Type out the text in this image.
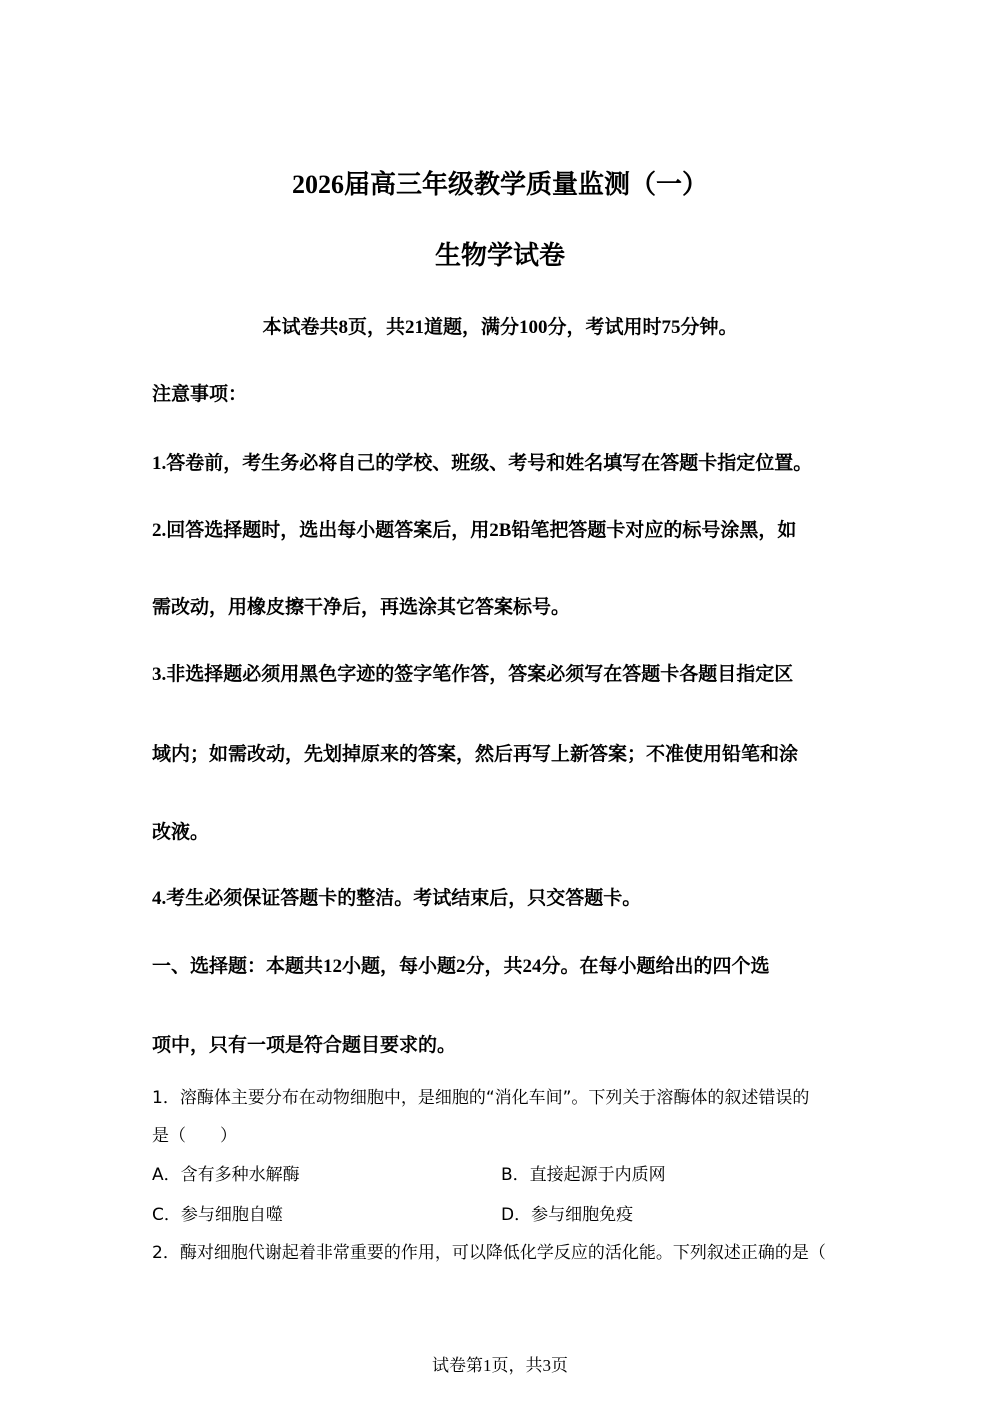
2026届高三年级教学质量监测（一）
生物学试卷
本试卷共8页，共21道题，满分100分，考试用时75分钟。
注意事项：
1.答卷前，考生务必将自己的学校、班级、考号和姓名填写在答题卡指定位置。
2.回答选择题时，选出每小题答案后，用2B铅笔把答题卡对应的标号涂黑，如
需改动，用橡皮擦干净后，再选涂其它答案标号。
3.非选择题必须用黑色字迹的签字笔作答，答案必须写在答题卡各题目指定区
域内；如需改动，先划掉原来的答案，然后再写上新答案；不准使用铅笔和涂
改液。
4.考生必须保证答题卡的整洁。考试结束后，只交答题卡。
一、选择题：本题共12小题，每小题2分，共24分。在每小题给出的四个选
项中，只有一项是符合题目要求的。
1．溶酶体主要分布在动物细胞中，是细胞的“消化车间”。下列关于溶酶体的叙述错误的
是（　　）
A．含有多种水解酶	B．直接起源于内质网
C．参与细胞自噬	D．参与细胞免疫
2．酶对细胞代谢起着非常重要的作用，可以降低化学反应的活化能。下列叙述正确的是（
试卷第1页，共3页
